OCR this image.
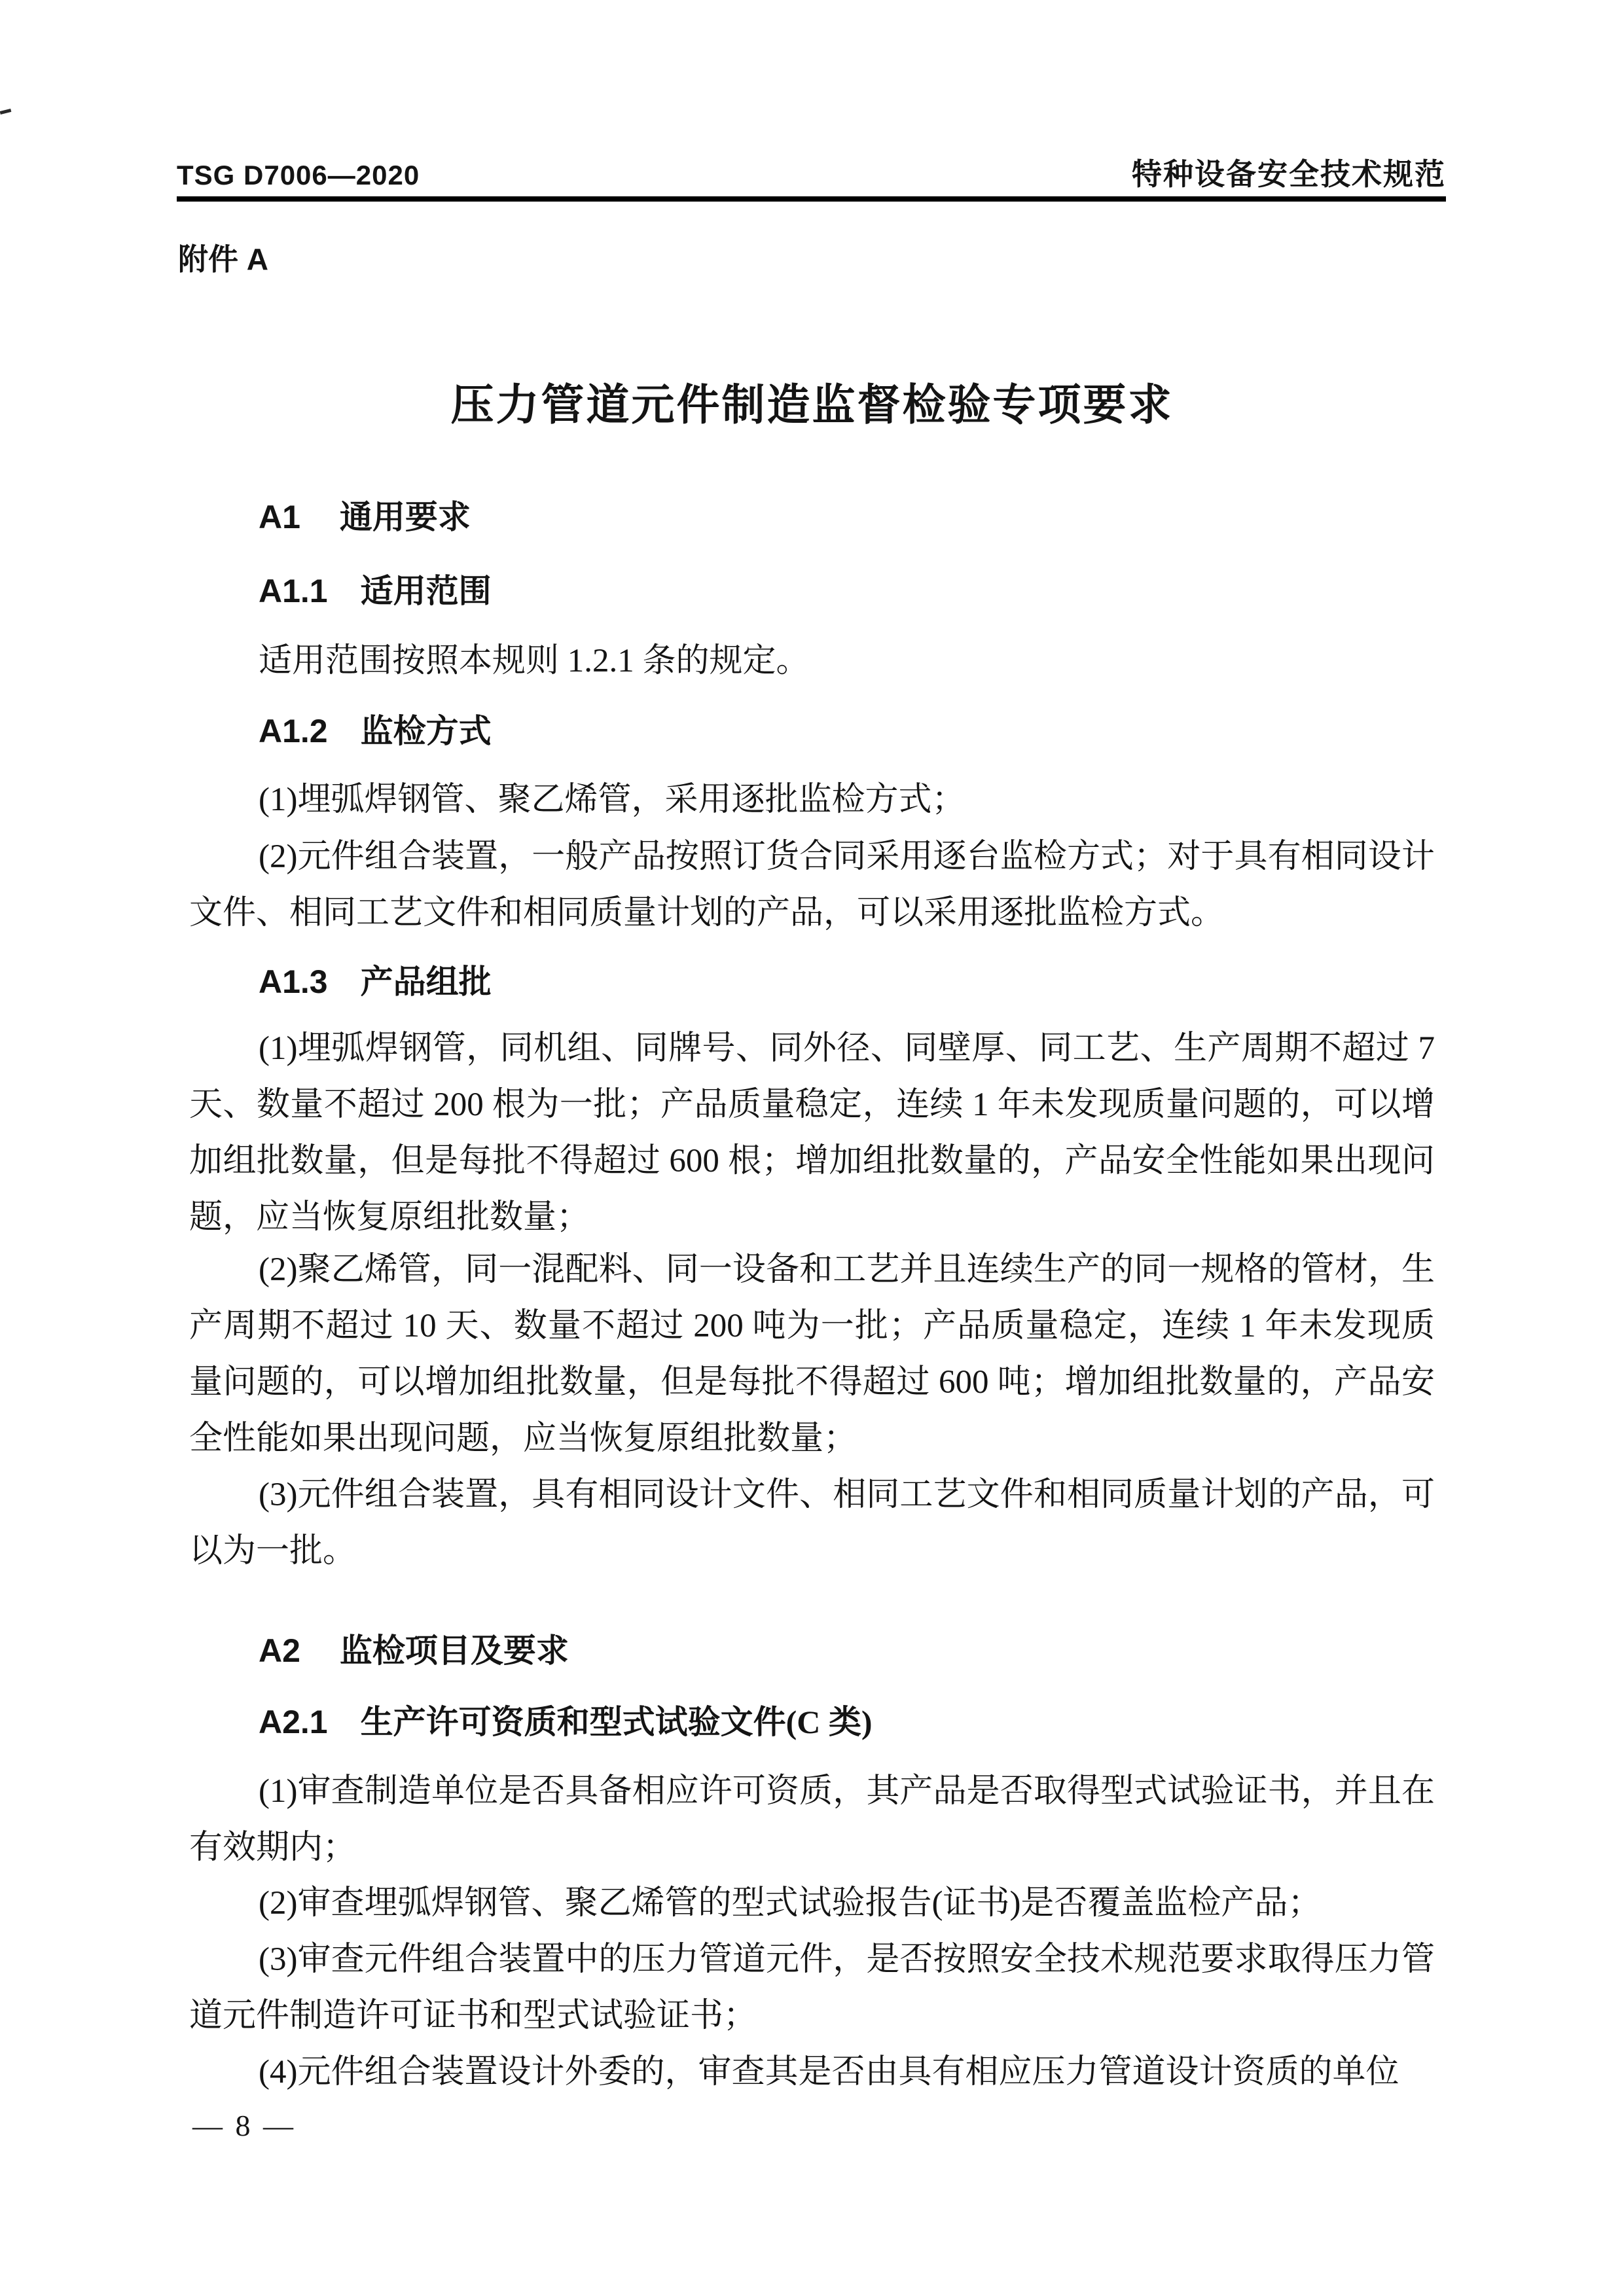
TSG D7006—2020	特种设备安全技术规范
附件 A
压力管道元件制造监督检验专项要求
A1 通用要求
A1.1 适用范围
适用范围按照本规则 1.2.1 条的规定。
A1.2 监检方式
(1)埋弧焊钢管、聚乙烯管，采用逐批监检方式；
(2)元件组合装置，一般产品按照订货合同采用逐台监检方式；对于具有相同设计文件、相同工艺文件和相同质量计划的产品，可以采用逐批监检方式。
A1.3 产品组批
(1)埋弧焊钢管，同机组、同牌号、同外径、同壁厚、同工艺、生产周期不超过 7 天、数量不超过 200 根为一批；产品质量稳定，连续 1 年未发现质量问题的，可以增加组批数量，但是每批不得超过 600 根；增加组批数量的，产品安全性能如果出现问题，应当恢复原组批数量；
(2)聚乙烯管，同一混配料、同一设备和工艺并且连续生产的同一规格的管材，生产周期不超过 10 天、数量不超过 200 吨为一批；产品质量稳定，连续 1 年未发现质量问题的，可以增加组批数量，但是每批不得超过 600 吨；增加组批数量的，产品安全性能如果出现问题，应当恢复原组批数量；
(3)元件组合装置，具有相同设计文件、相同工艺文件和相同质量计划的产品，可以为一批。
A2 监检项目及要求
A2.1 生产许可资质和型式试验文件(C 类)
(1)审查制造单位是否具备相应许可资质，其产品是否取得型式试验证书，并且在有效期内；
(2)审查埋弧焊钢管、聚乙烯管的型式试验报告(证书)是否覆盖监检产品；
(3)审查元件组合装置中的压力管道元件，是否按照安全技术规范要求取得压力管道元件制造许可证书和型式试验证书；
(4)元件组合装置设计外委的，审查其是否由具有相应压力管道设计资质的单位
— 8 —
